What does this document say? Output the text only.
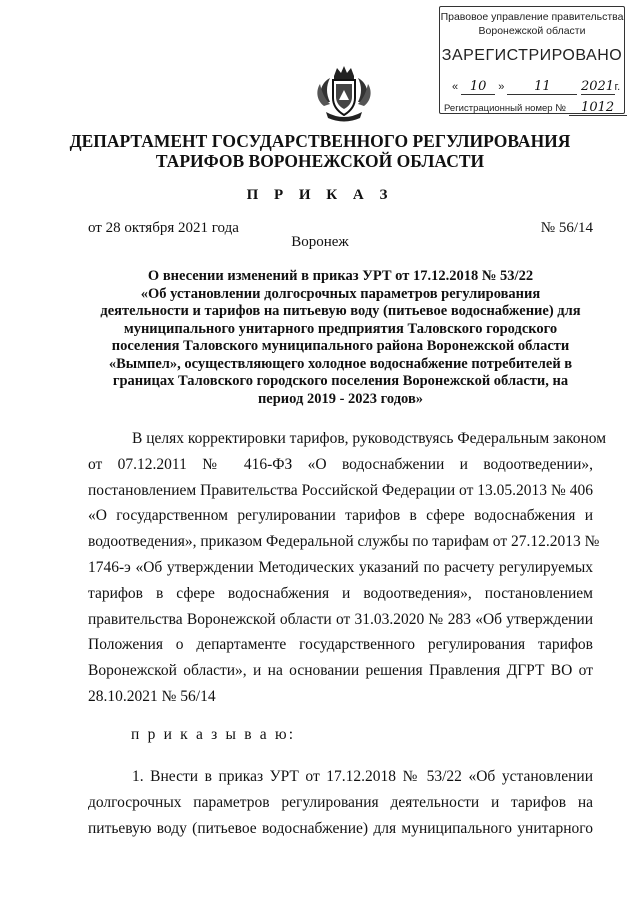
Правовое управление правительства
Воронежской области
ЗАРЕГИСТРИРОВАНО
« 10 » 11 2021г.
Регистрационный номер № 1012
ДЕПАРТАМЕНТ ГОСУДАРСТВЕННОГО РЕГУЛИРОВАНИЯ
ТАРИФОВ ВОРОНЕЖСКОЙ ОБЛАСТИ
П Р И К А З
от 28 октября 2021 года	№ 56/14
Воронеж
О внесении изменений в приказ УРТ от 17.12.2018 № 53/22
«Об установлении долгосрочных параметров регулирования
деятельности и тарифов на питьевую воду (питьевое водоснабжение) для
муниципального унитарного предприятия Таловского городского
поселения Таловского муниципального района Воронежской области
«Вымпел», осуществляющего холодное водоснабжение потребителей в
границах Таловского городского поселения Воронежской области, на
период 2019 - 2023 годов»
В целях корректировки тарифов, руководствуясь Федеральным законом
от 07.12.2011 № 416-ФЗ «О водоснабжении и водоотведении»,
постановлением Правительства Российской Федерации от 13.05.2013 № 406
«О государственном регулировании тарифов в сфере водоснабжения и
водоотведения», приказом Федеральной службы по тарифам от 27.12.2013 №
1746-э «Об утверждении Методических указаний по расчету регулируемых
тарифов в сфере водоснабжения и водоотведения», постановлением
правительства Воронежской области от 31.03.2020 № 283 «Об утверждении
Положения о департаменте государственного регулирования тарифов
Воронежской области», и на основании решения Правления ДГРТ ВО от
28.10.2021 № 56/14
п р и к а з ы в а ю:
1. Внести в приказ УРТ от 17.12.2018 № 53/22 «Об установлении
долгосрочных параметров регулирования деятельности и тарифов на
питьевую воду (питьевое водоснабжение) для муниципального унитарного
